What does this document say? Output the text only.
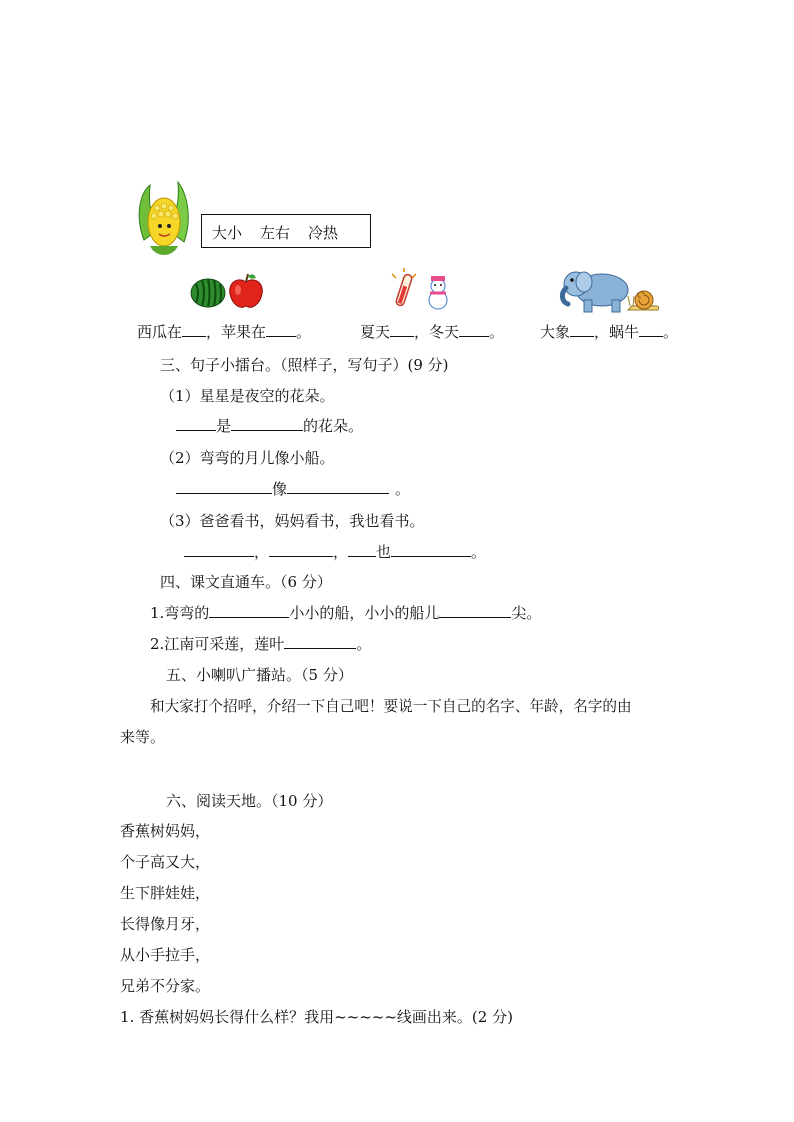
大小 左右 冷热
西瓜在 ，苹果在 。	夏天 ，冬天 。 大象 ，蜗牛 。
三、句子小擂台。（照样子，写句子）(9 分)
（1）星星是夜空的花朵。
是	的花朵。
（2）弯弯的月儿像小船。
像	。
（3）爸爸看书，妈妈看书，我也看书。
，	， 也	。
四、课文直通车。（6 分）
1.弯弯的	小小的船，小小的船儿	尖。
2.江南可采莲，莲叶	。
五、小喇叭广播站。（5 分）
和大家打个招呼，介绍一下自己吧！要说一下自己的名字、年龄，名字的由
来等。
六、阅读天地。（10 分）
香蕉树妈妈，
个子高又大，
生下胖娃娃，
长得像月牙，
从小手拉手，
兄弟不分家。
1. 香蕉树妈妈长得什么样？我用~~~~~线画出来。(2 分)
